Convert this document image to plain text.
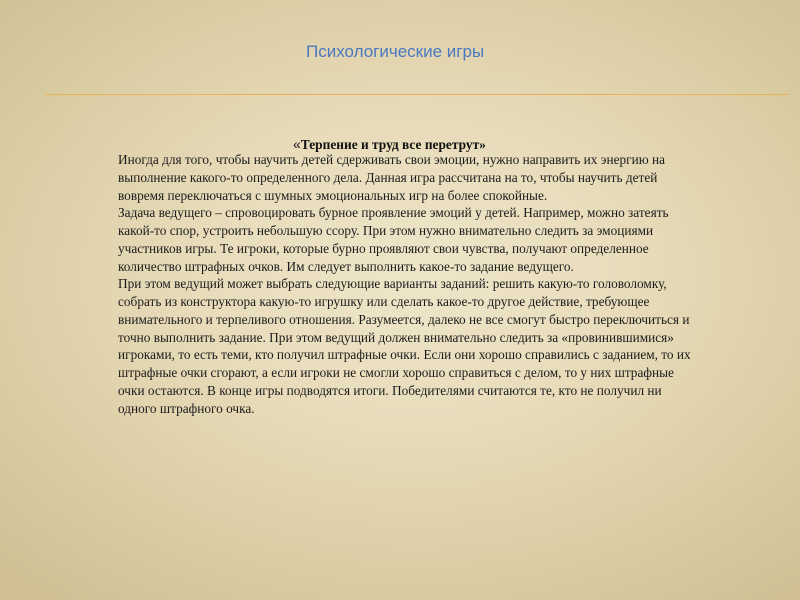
Психологические игры
«Терпение и труд все перетрут»

Иногда для того, чтобы научить детей сдерживать свои эмоции, нужно направить их энергию на выполнение какого-то определенного дела. Данная игра рассчитана на то, чтобы научить детей вовремя переключаться с шумных эмоциональных игр на более спокойные.

Задача ведущего – спровоцировать бурное проявление эмоций у детей. Например, можно затеять какой-то спор, устроить небольшую ссору. При этом нужно внимательно следить за эмоциями участников игры. Те игроки, которые бурно проявляют свои чувства, получают определенное количество штрафных очков. Им следует выполнить какое-то задание ведущего.

При этом ведущий может выбрать следующие варианты заданий: решить какую-то головоломку, собрать из конструктора какую-то игрушку или сделать какое-то другое действие, требующее внимательного и терпеливого отношения. Разумеется, далеко не все смогут быстро переключиться и точно выполнить задание. При этом ведущий должен внимательно следить за «провинившимися» игроками, то есть теми, кто получил штрафные очки. Если они хорошо справились с заданием, то их штрафные очки сгорают, а если игроки не смогли хорошо справиться с делом, то у них штрафные очки остаются. В конце игры подводятся итоги. Победителями считаются те, кто не получил ни одного штрафного очка.
